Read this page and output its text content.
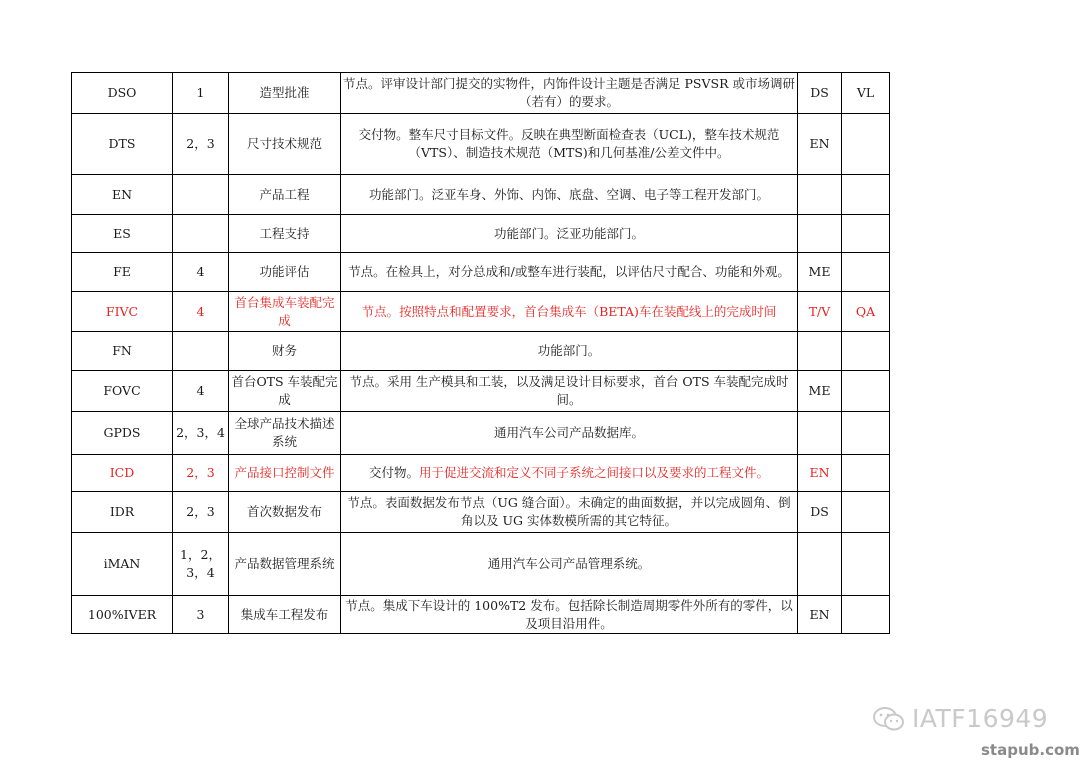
DSO	1	造型批准	节点。评审设计部门提交的实物件，内饰件设计主题是否满足 PSVSR 或市场调研（若有）的要求。	DS	VL
DTS	2，3	尺寸技术规范	交付物。整车尺寸目标文件。反映在典型断面检查表（UCL)，整车技术规范（VTS）、制造技术规范（MTS)和几何基准/公差文件中。	EN	
EN		产品工程	功能部门。泛亚车身、外饰、内饰、底盘、空调、电子等工程开发部门。		
ES		工程支持	功能部门。泛亚功能部门。		
FE	4	功能评估	节点。在检具上，对分总成和/或整车进行装配，以评估尺寸配合、功能和外观。	ME	
FIVC	4	首台集成车装配完成	节点。按照特点和配置要求，首台集成车（BETA)车在装配线上的完成时间	T/V	QA
FN		财务	功能部门。		
FOVC	4	首台OTS 车装配完成	节点。采用 生产模具和工装，以及满足设计目标要求，首台 OTS 车装配完成时间。	ME	
GPDS	2，3，4	全球产品技术描述系统	通用汽车公司产品数据库。		
ICD	2，3	产品接口控制文件	交付物。用于促进交流和定义不同子系统之间接口以及要求的工程文件。	EN	
IDR	2，3	首次数据发布	节点。表面数据发布节点（UG 缝合面）。未确定的曲面数据，并以完成圆角、倒角以及 UG 实体数模所需的其它特征。	DS	
iMAN	1，2，3，4	产品数据管理系统	通用汽车公司产品管理系统。		
100%IVER	3	集成车工程发布	节点。集成下车设计的 100%T2 发布。包括除长制造周期零件外所有的零件，以及项目沿用件。	EN	
IATF16949
stapub.com
